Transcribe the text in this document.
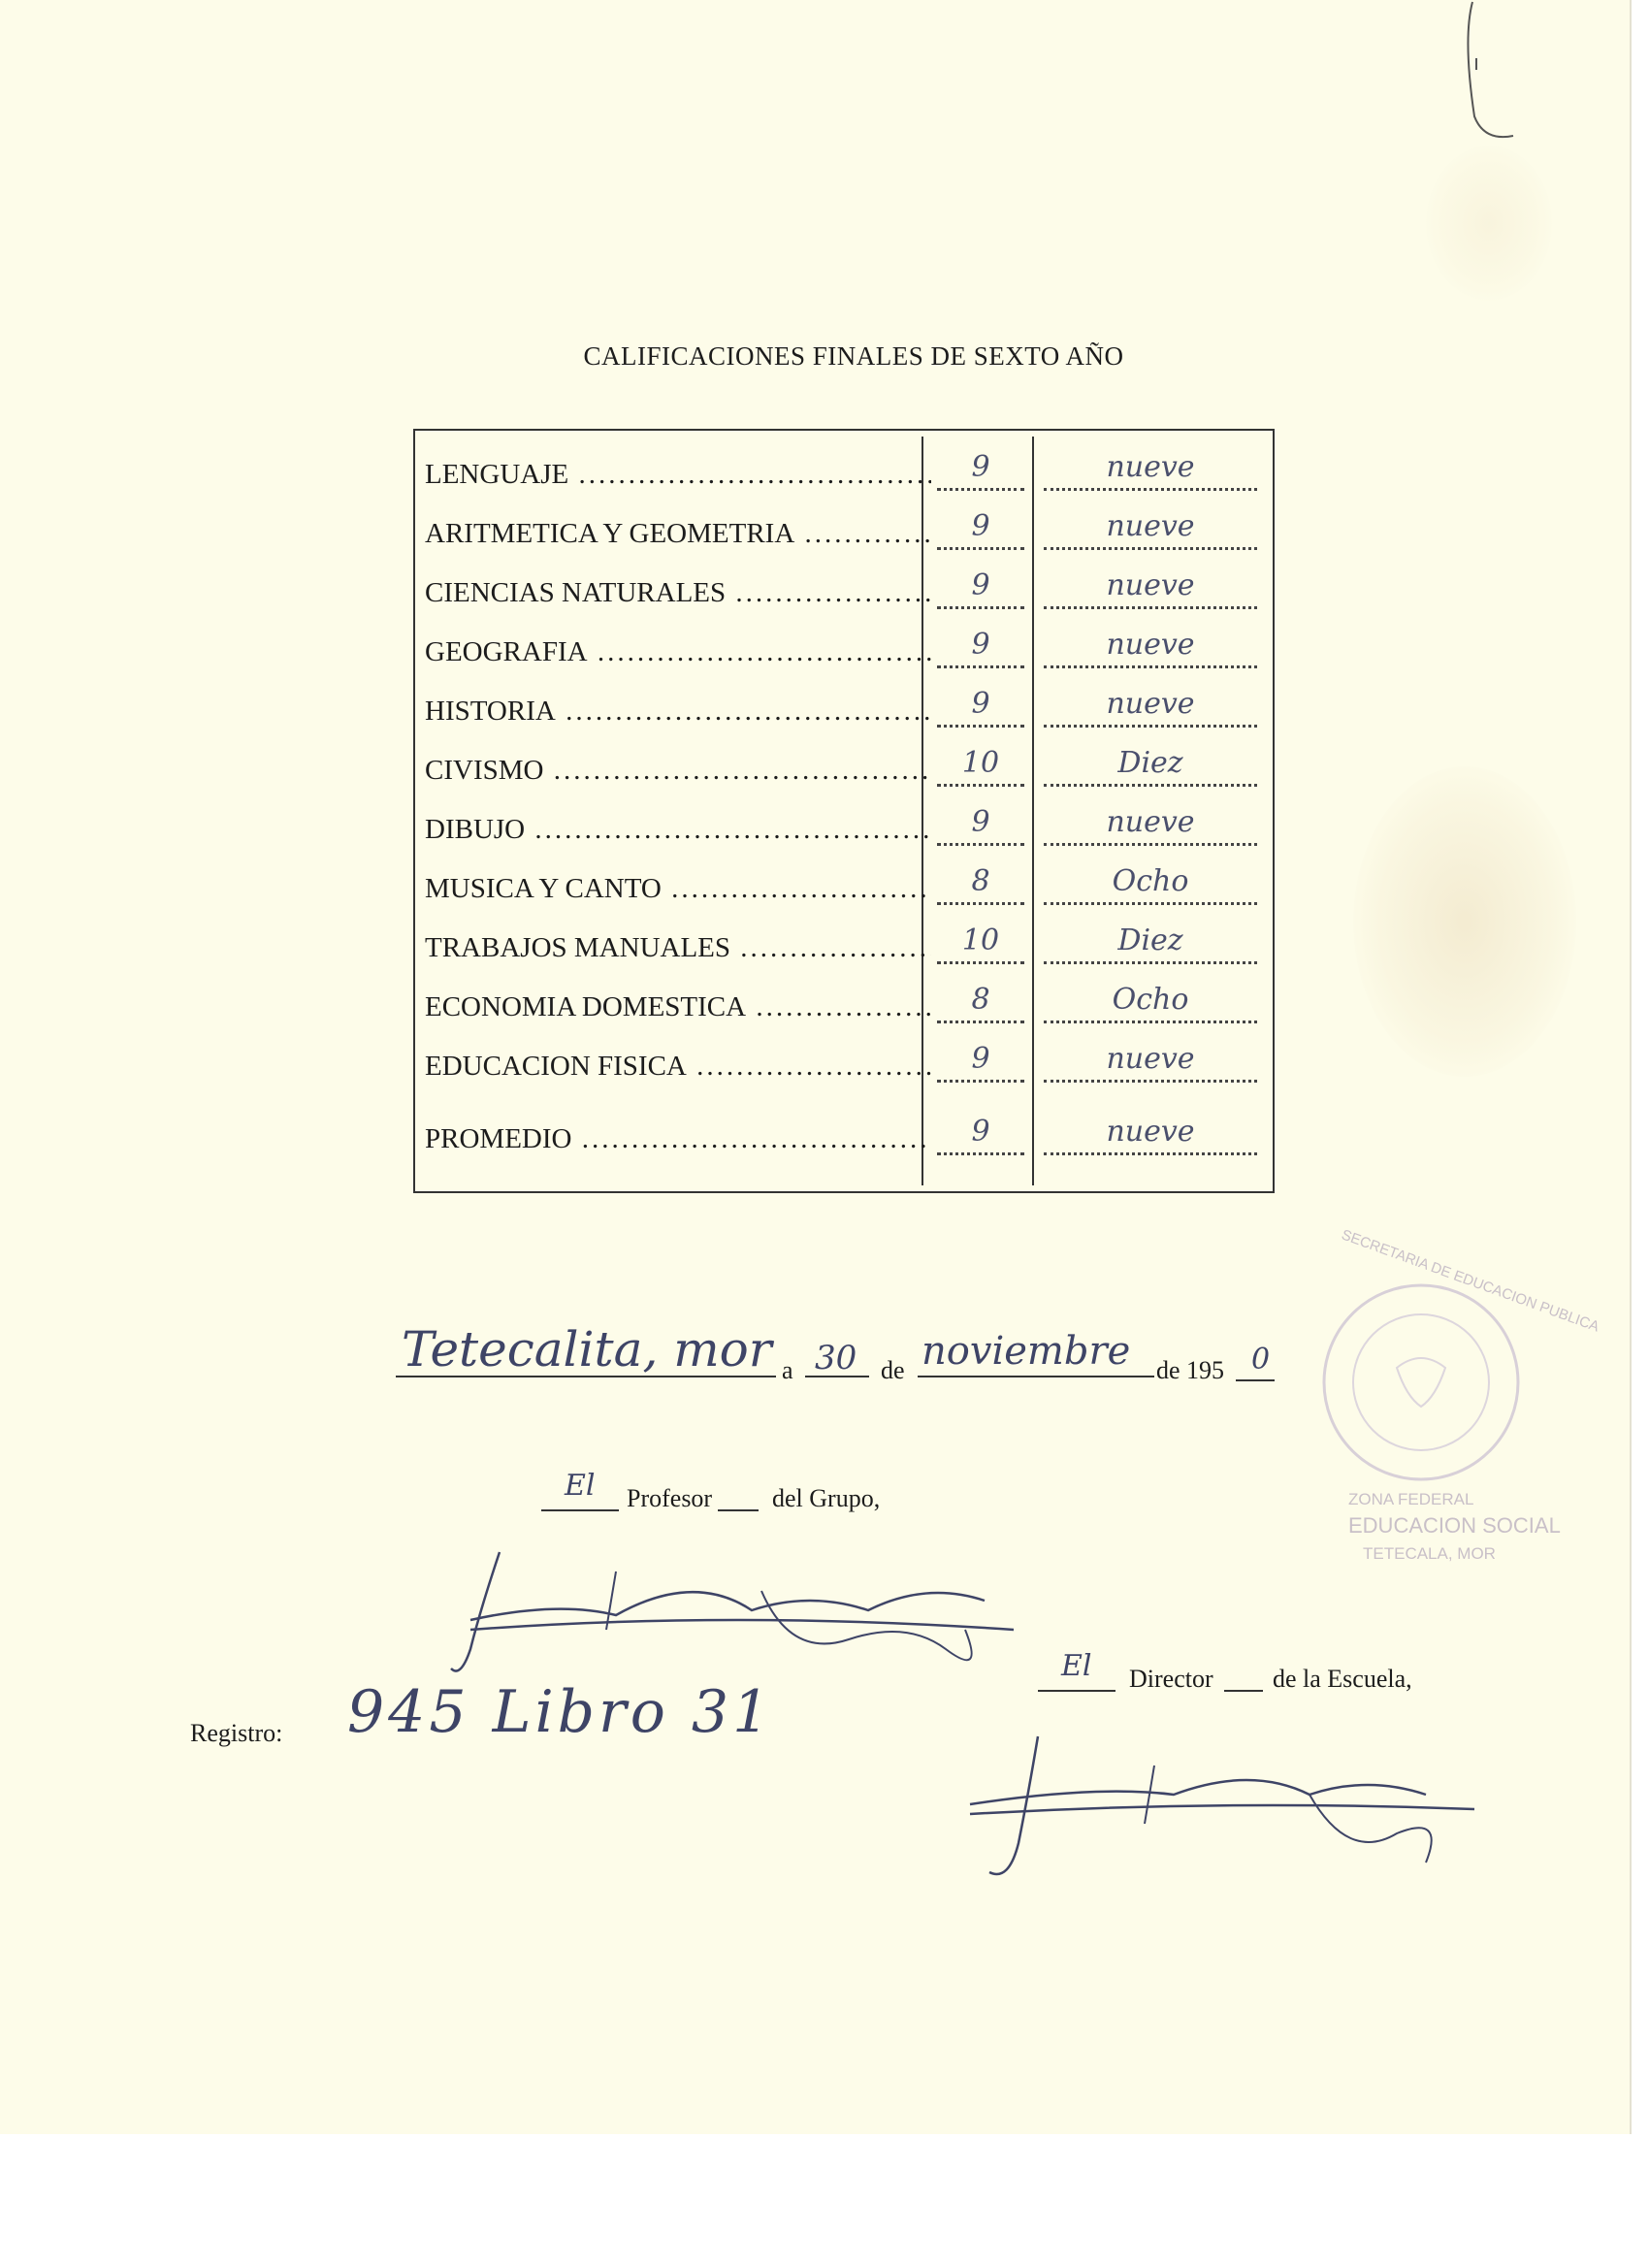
SECRETARIA DE EDUCACION PUBLICA
ZONA FEDERAL
EDUCACION SOCIAL
TETECALA, MOR
CALIFICACIONES FINALES DE SEXTO AÑO
LENGUAJE .....	9	nueve
ARITMETICA Y GEOMETRIA .....	9	nueve
CIENCIAS NATURALES .....	9	nueve
GEOGRAFIA .....	9	nueve
HISTORIA .....	9	nueve
CIVISMO .....	10	Diez
DIBUJO .....	9	nueve
MUSICA Y CANTO .....	8	Ocho
TRABAJOS MANUALES .....	10	Diez
ECONOMIA DOMESTICA .....	8	Ocho
EDUCACION FISICA .....	9	nueve
PROMEDIO .....	9	nueve
Tetecalita, mor a 30 de noviembre de 195 0
El Profesor del Grupo,
El Director de la Escuela,
Registro: 945 Libro 31
